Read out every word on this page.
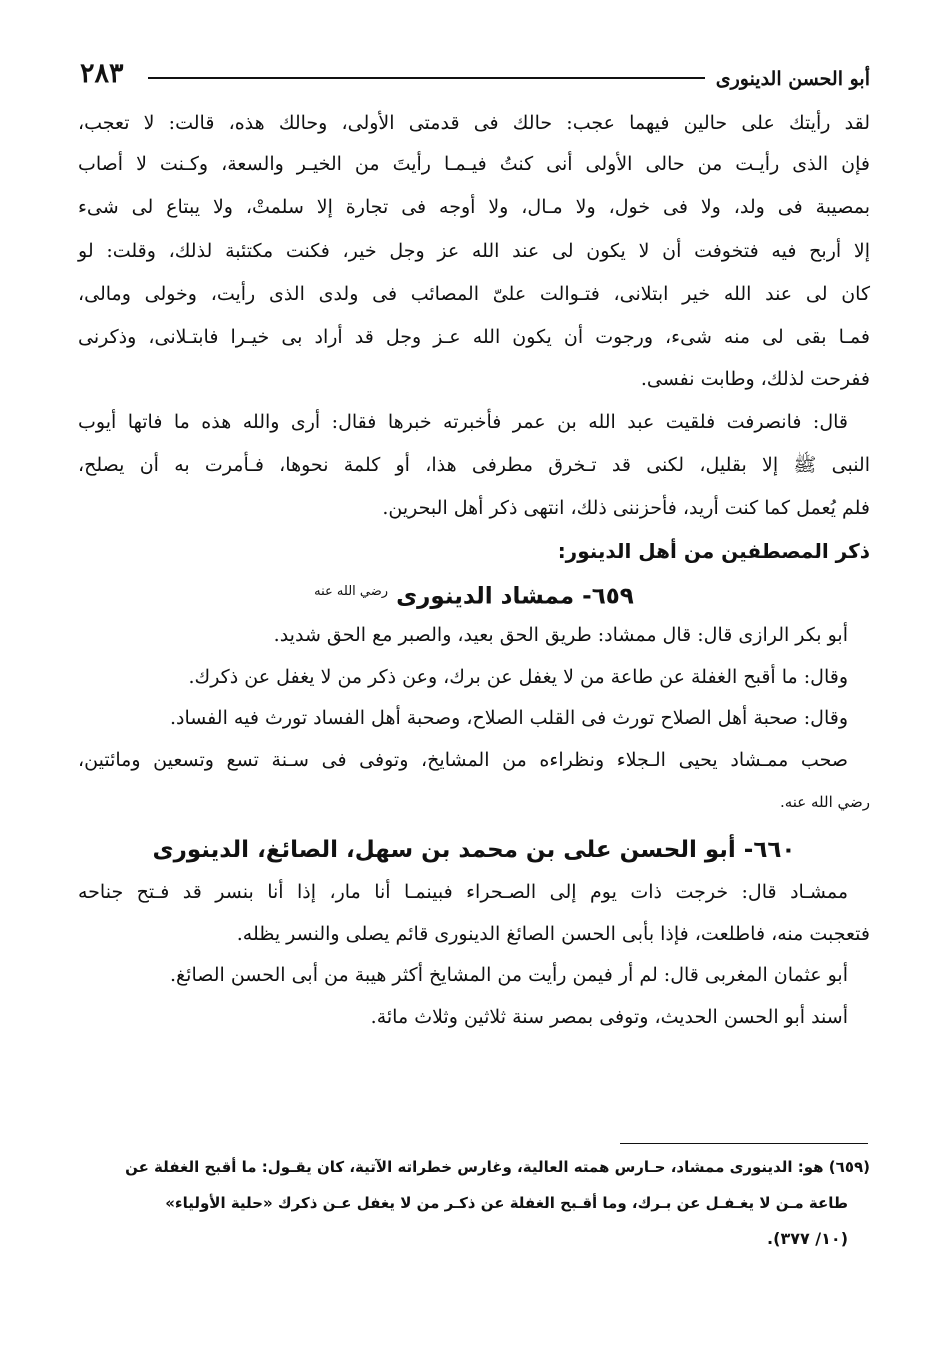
٢٨٣	أبو الحسن الدينورى
لقد رأيتك على حالين فيهما عجب: حالك فى قدمتى الأولى، وحالك هذه، قالت: لا تعجب،
فإن الذى رأيـت من حالى الأولى أنى كنتُ فيـمـا رأيتَ من الخيـر والسعة، وكـنت لا أصاب
بمصيبة فى ولد، ولا فى خول، ولا مـال، ولا أوجه فى تجارة إلا سلمتْ، ولا يبتاع لى شىء
إلا أربح فيه فتخوفت أن لا يكون لى عند الله عز وجل خير، فكنت مكتئبة لذلك، وقلت: لو
كان لى عند الله خير ابتلانى، فتـوالت علىّ المصائب فى ولدى الذى رأيت، وخولى ومالى،
فمـا بقى لى منه شىء، ورجوت أن يكون الله عـز وجل قد أراد بى خيـرا فابتـلانى، وذكرنى
ففرحت لذلك، وطابت نفسى.
قال: فانصرفت فلقيت عبد الله بن عمر فأخبرته خبرها فقال: أرى والله هذه ما فاتها أيوب
النبى ﷺ إلا بقليل، لكنى قد تـخرق مطرفى هذا، أو كلمة نحوها، فـأمرت به أن يصلح،
فلم يُعمل كما كنت أريد، فأحزننى ذلك، انتهى ذكر أهل البحرين.
ذكر المصطفين من أهل الدينور:
٦٥٩- ممشاد الدينورى $^{رضي الله عنه}$
أبو بكر الرازى قال: قال ممشاد: طريق الحق بعيد، والصبر مع الحق شديد.
وقال: ما أقبح الغفلة عن طاعة من لا يغفل عن برك، وعن ذكر من لا يغفل عن ذكرك.
وقال: صحبة أهل الصلاح تورث فى القلب الصلاح، وصحبة أهل الفساد تورث فيه الفساد.
صحب ممـشاد يحيى الـجلاء ونظراءه من المشايخ، وتوفى فى سـنة تسع وتسعين ومائتين،
رضي الله عنه.
٦٦٠- أبو الحسن على بن محمد بن سهل، الصائغ، الدينورى
ممشـاد قال: خرجت ذات يوم إلى الصـحراء فبينمـا أنا مار، إذا أنا بنسر قد فـتح جناحه
فتعجبت منه، فاطلعت، فإذا بأبى الحسن الصائغ الدينورى قائم يصلى والنسر يظله.
أبو عثمان المغربى قال: لم أر فيمن رأيت من المشايخ أكثر هيبة من أبى الحسن الصائغ.
أسند أبو الحسن الحديث، وتوفى بمصر سنة ثلاثين وثلاث مائة.
(٦٥٩) هو: الدينورى ممشاد، حـارس همته العالية، وغارس خطراته الآتية، كان يقـول: ما أقبح الغفلة عن
طاعة مـن لا يغـفـل عن بـرك، وما أقـبح الغفلة عن ذكـر من لا يغفل عـن ذكرك «حلية الأولياء»
(١٠/ ٣٧٧).
